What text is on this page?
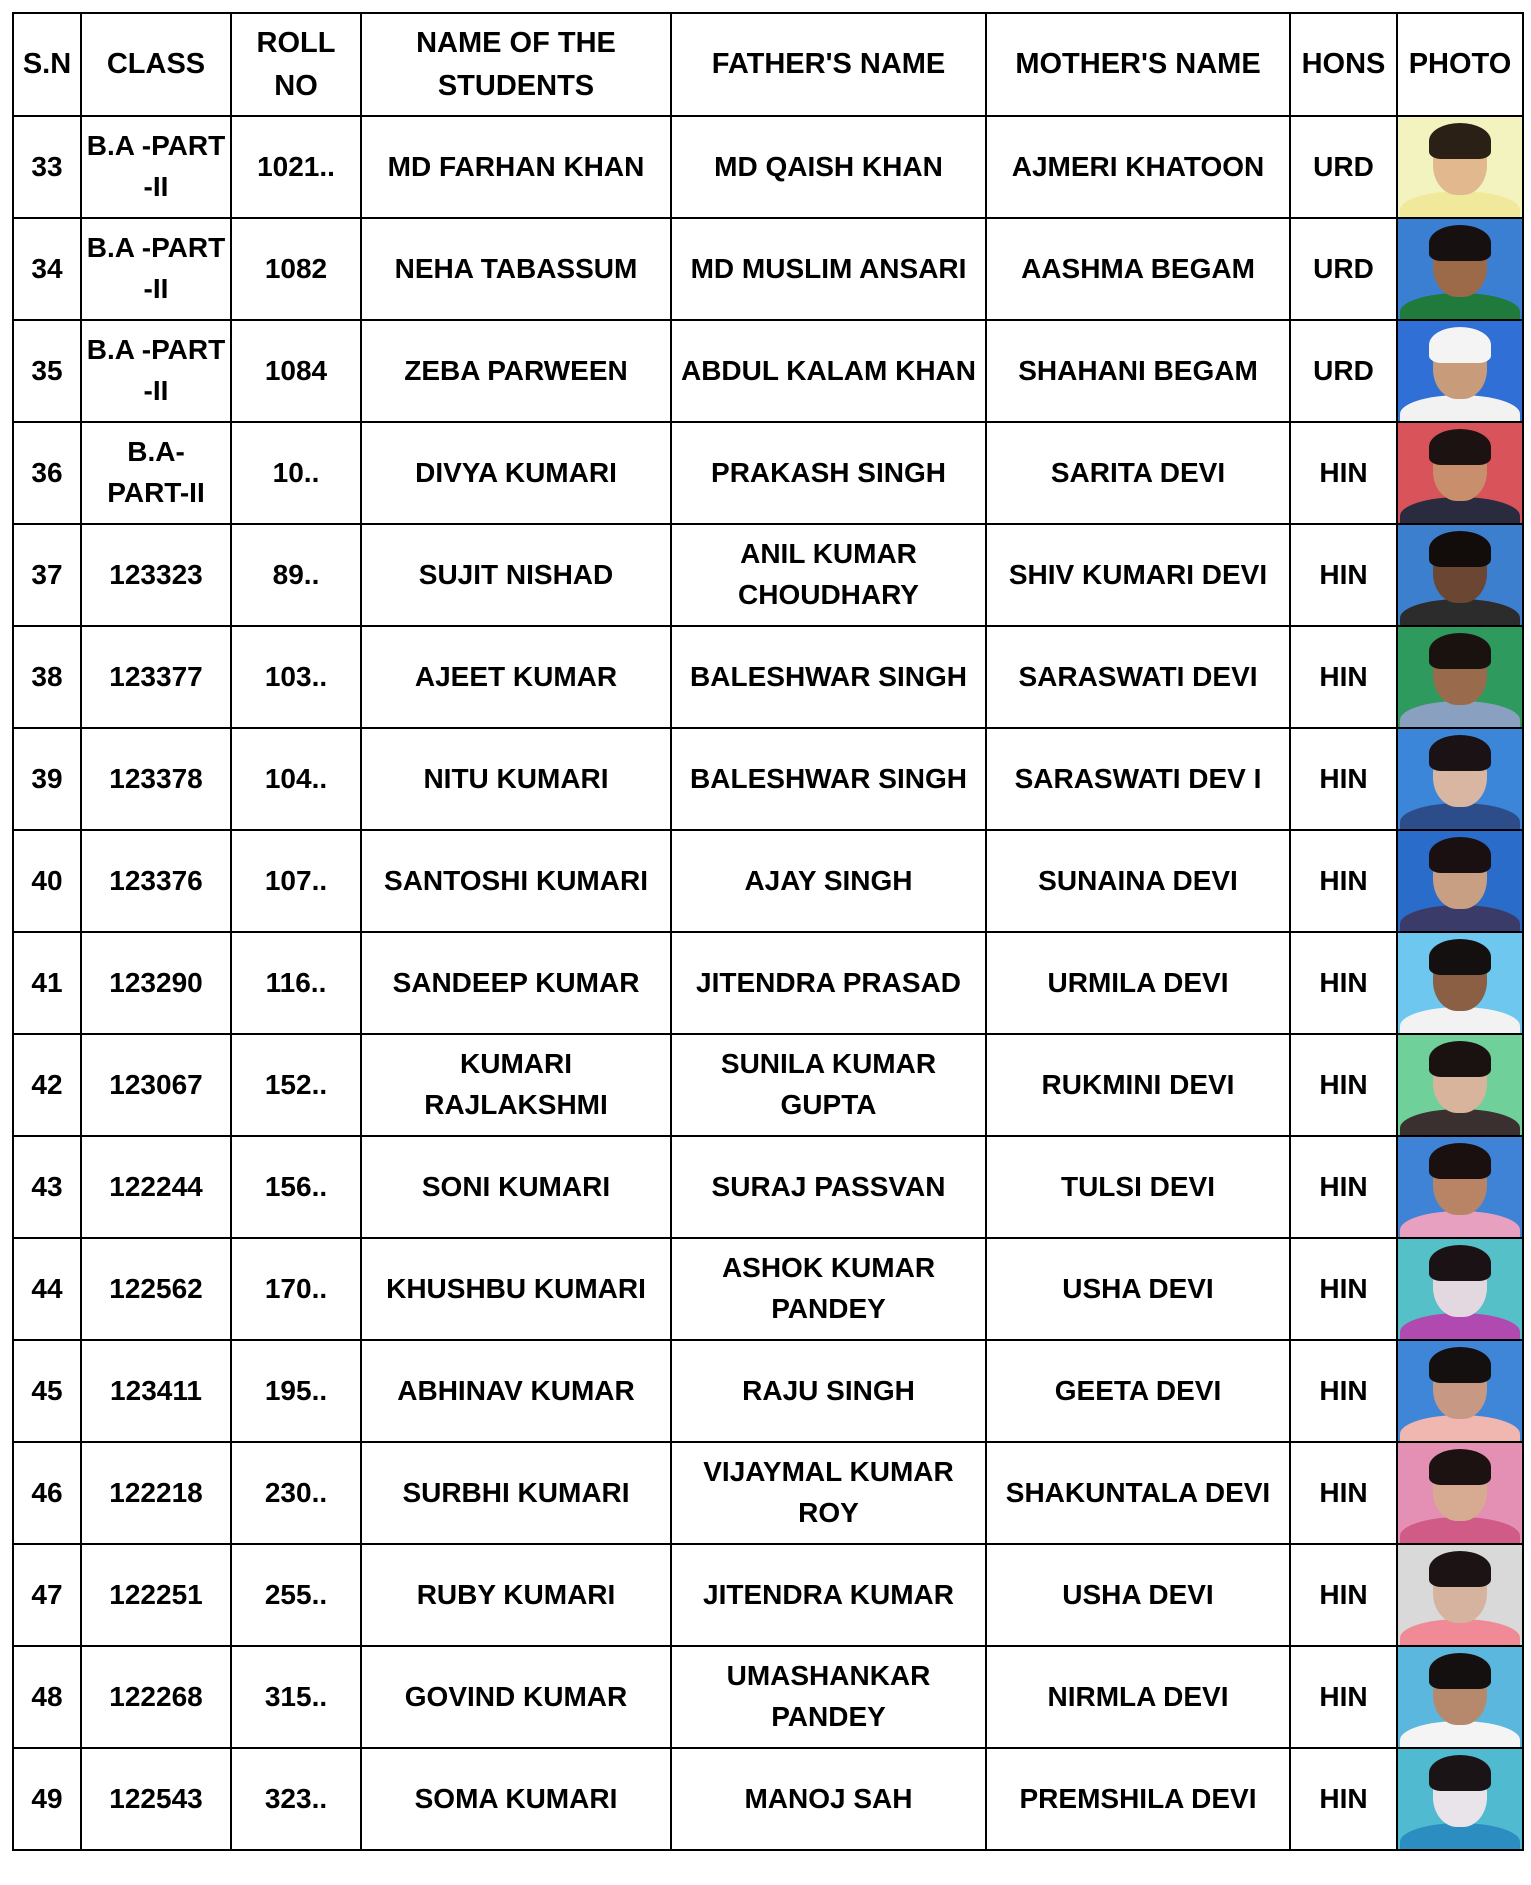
S.N	CLASS	ROLL NO	NAME OF THE STUDENTS	FATHER'S NAME	MOTHER'S NAME	HONS	PHOTO
33	B.A -PART -II	1021..	MD FARHAN KHAN	MD QAISH KHAN	AJMERI KHATOON	URD	

34	B.A -PART -II	1082	NEHA TABASSUM	MD MUSLIM ANSARI	AASHMA BEGAM	URD	

35	B.A -PART -II	1084	ZEBA PARWEEN	ABDUL KALAM KHAN	SHAHANI BEGAM	URD	

36	B.A- PART-II	10..	DIVYA KUMARI	PRAKASH SINGH	SARITA DEVI	HIN	

37	123323	89..	SUJIT NISHAD	ANIL KUMAR CHOUDHARY	SHIV KUMARI DEVI	HIN	

38	123377	103..	AJEET KUMAR	BALESHWAR SINGH	SARASWATI DEVI	HIN	

39	123378	104..	NITU KUMARI	BALESHWAR SINGH	SARASWATI DEV I	HIN	

40	123376	107..	SANTOSHI KUMARI	AJAY SINGH	SUNAINA DEVI	HIN	

41	123290	116..	SANDEEP KUMAR	JITENDRA PRASAD	URMILA DEVI	HIN	

42	123067	152..	KUMARI RAJLAKSHMI	SUNILA KUMAR GUPTA	RUKMINI DEVI	HIN	

43	122244	156..	SONI KUMARI	SURAJ PASSVAN	TULSI DEVI	HIN	

44	122562	170..	KHUSHBU KUMARI	ASHOK KUMAR PANDEY	USHA DEVI	HIN	

45	123411	195..	ABHINAV KUMAR	RAJU SINGH	GEETA DEVI	HIN	

46	122218	230..	SURBHI KUMARI	VIJAYMAL KUMAR ROY	SHAKUNTALA DEVI	HIN	

47	122251	255..	RUBY KUMARI	JITENDRA KUMAR	USHA DEVI	HIN	

48	122268	315..	GOVIND KUMAR	UMASHANKAR PANDEY	NIRMLA DEVI	HIN	

49	122543	323..	SOMA KUMARI	MANOJ SAH	PREMSHILA DEVI	HIN	
